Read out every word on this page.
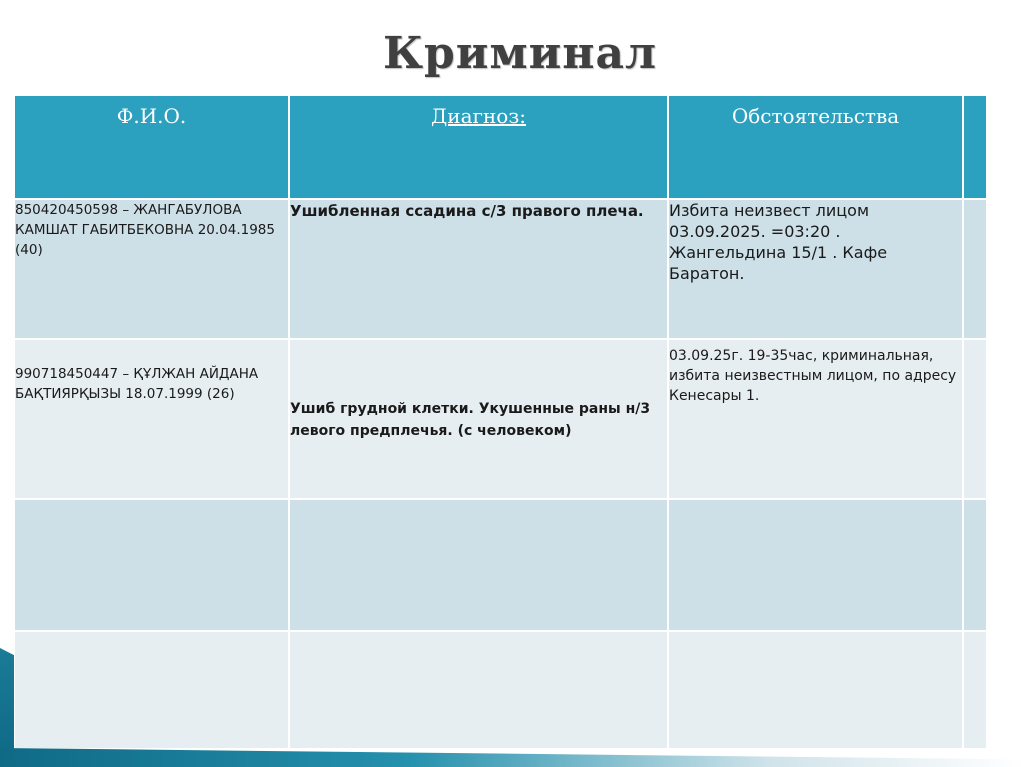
Криминал
Ф.И.О.	Диагноз:	Обстоятельства	
850420450598 – ЖАНГАБУЛОВА КАМШАТ ГАБИТБЕКОВНА 20.04.1985 (40)	Ушибленная ссадина с/3 правого плеча.	Избита неизвест лицом 03.09.2025. =03:20 . Жангельдина 15/1 . Кафе Баратон.	
990718450447 – ҚҰЛЖАН АЙДАНА БАҚТИЯРҚЫЗЫ 18.07.1999 (26)	Ушиб грудной клетки. Укушенные раны н/3 левого предплечья. (с человеком)	03.09.25г. 19-35час, криминальная, избита неизвестным лицом, по адресу Кенесары 1.	
